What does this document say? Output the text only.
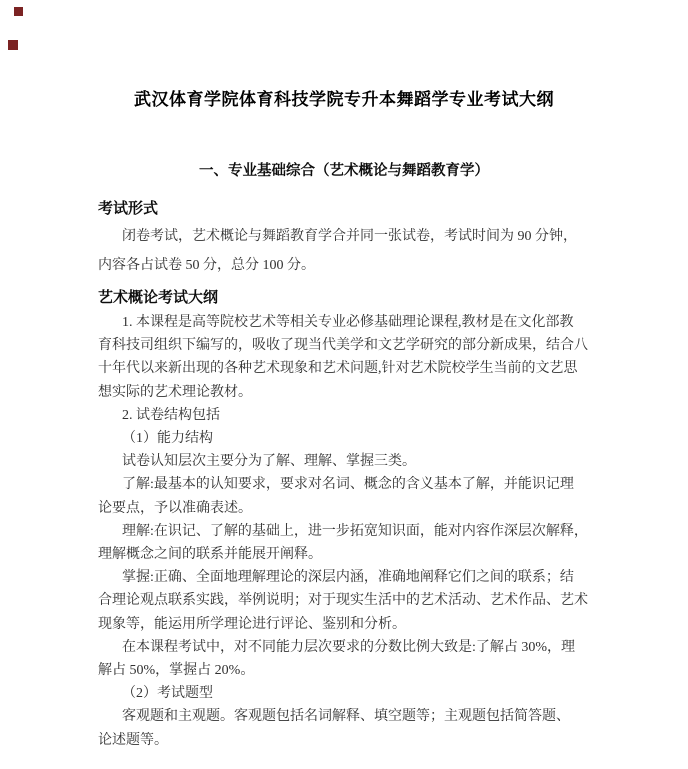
武汉体育学院体育科技学院专升本舞蹈学专业考试大纲
一、专业基础综合（艺术概论与舞蹈教育学）
考试形式
闭卷考试，艺术概论与舞蹈教育学合并同一张试卷，考试时间为 90 分钟，
内容各占试卷 50 分，总分 100 分。
艺术概论考试大纲
1. 本课程是高等院校艺术等相关专业必修基础理论课程,教材是在文化部教
育科技司组织下编写的，吸收了现当代美学和文艺学研究的部分新成果，结合八
十年代以来新出现的各种艺术现象和艺术问题,针对艺术院校学生当前的文艺思
想实际的艺术理论教材。
2. 试卷结构包括
（1）能力结构
试卷认知层次主要分为了解、理解、掌握三类。
了解:最基本的认知要求，要求对名词、概念的含义基本了解，并能识记理
论要点，予以准确表述。
理解:在识记、了解的基础上，进一步拓宽知识面，能对内容作深层次解释，
理解概念之间的联系并能展开阐释。
掌握:正确、全面地理解理论的深层内涵，准确地阐释它们之间的联系；结
合理论观点联系实践，举例说明；对于现实生活中的艺术活动、艺术作品、艺术
现象等，能运用所学理论进行评论、鉴别和分析。
在本课程考试中，对不同能力层次要求的分数比例大致是:了解占 30%，理
解占 50%，掌握占 20%。
（2）考试题型
客观题和主观题。客观题包括名词解释、填空题等；主观题包括简答题、
论述题等。
